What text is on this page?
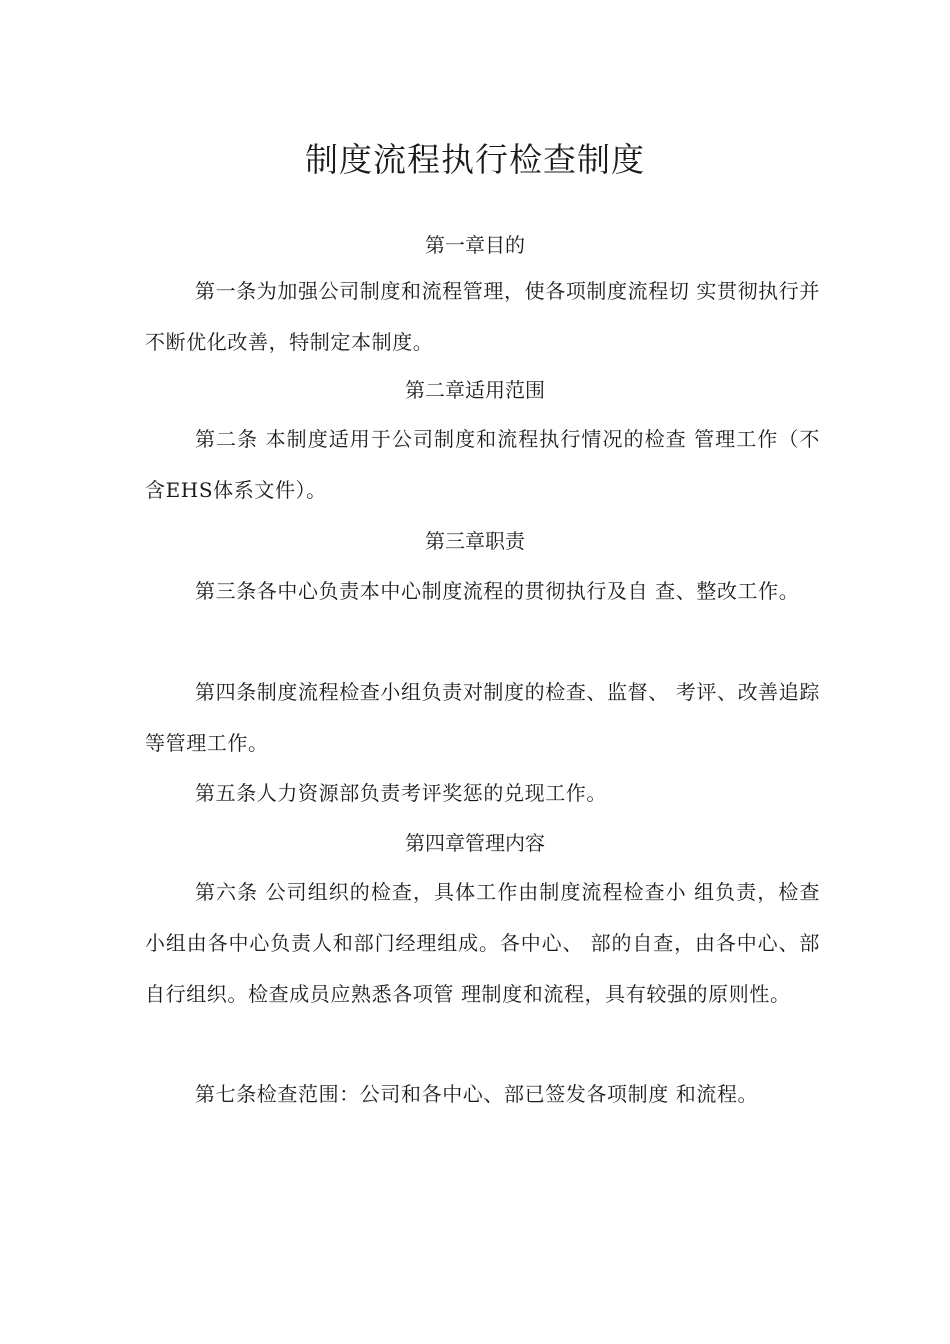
制度流程执行检查制度
第一章目的

第一条为加强公司制度和流程管理，使各项制度流程切 实贯彻执行并不断优化改善，特制定本制度。

第二章适用范围

第二条 本制度适用于公司制度和流程执行情况的检查 管理工作（不含EHS体系文件）。

第三章职责

第三条各中心负责本中心制度流程的贯彻执行及自 查、整改工作。

第四条制度流程检查小组负责对制度的检查、监督、 考评、改善追踪等管理工作。

第五条人力资源部负责考评奖惩的兑现工作。

第四章管理内容

第六条 公司组织的检查，具体工作由制度流程检查小 组负责，检查小组由各中心负责人和部门经理组成。各中心、 部的自查，由各中心、部自行组织。检查成员应熟悉各项管 理制度和流程，具有较强的原则性。

第七条检查范围：公司和各中心、部已签发各项制度 和流程。
